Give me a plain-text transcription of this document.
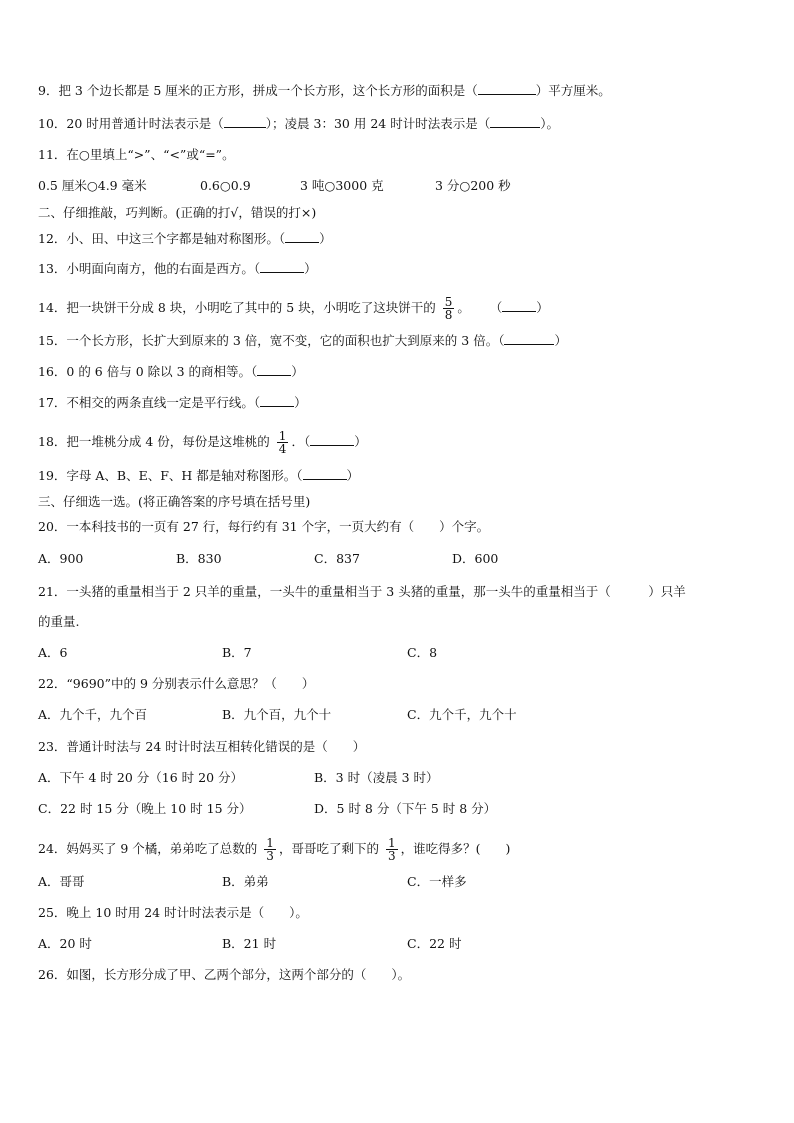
9．把 3 个边长都是 5 厘米的正方形，拼成一个长方形，这个长方形的面积是（	）平方厘米。
10．20 时用普通计时法表示是（	）；凌晨 3：30 用 24 时计时法表示是（	）。
11．在○里填上“>”、“<”或“=”。
0.5 厘米○4.9 毫米	0.6○0.9	3 吨○3000 克	3 分○200 秒
二、仔细推敲，巧判断。(正确的打√，错误的打×)
12．小、田、中这三个字都是轴对称图形。（	）
13．小明面向南方，他的右面是西方。（	）
14．把一块饼干分成 8 块，小明吃了其中的 5 块，小明吃了这块饼干的 $\frac{5}{8}$ 。 （	）
15．一个长方形，长扩大到原来的 3 倍，宽不变，它的面积也扩大到原来的 3 倍。（	）
16．0 的 6 倍与 0 除以 3 的商相等。（	）
17．不相交的两条直线一定是平行线。（	）
18．把一堆桃分成 4 份，每份是这堆桃的 $\frac{1}{4}$ ．（	）
19．字母 A、B、E、F、H 都是轴对称图形。（	）
三、仔细选一选。(将正确答案的序号填在括号里)
20．一本科技书的一页有 27 行，每行约有 31 个字，一页大约有（　　）个字。
A．900	B．830	C．837	D．600
21．一头猪的重量相当于 2 只羊的重量，一头牛的重量相当于 3 头猪的重量，那一头牛的重量相当于（　　　）只羊
的重量.
A．6	B．7	C．8
22．“9690”中的 9 分别表示什么意思？（　　）
A．九个千，九个百	B．九个百，九个十	C．九个千，九个十
23．普通计时法与 24 时计时法互相转化错误的是（　　）
A．下午 4 时 20 分（16 时 20 分）	B．3 时（凌晨 3 时）
C．22 时 15 分（晚上 10 时 15 分）	D．5 时 8 分（下午 5 时 8 分）
24．妈妈买了 9 个橘，弟弟吃了总数的 $\frac{1}{3}$ ，哥哥吃了剩下的 $\frac{1}{3}$ ，谁吃得多？(　　)
A．哥哥	B．弟弟	C．一样多
25．晚上 10 时用 24 时计时法表示是（　　）。
A．20 时	B．21 时	C．22 时
26．如图，长方形分成了甲、乙两个部分，这两个部分的（　　）。
